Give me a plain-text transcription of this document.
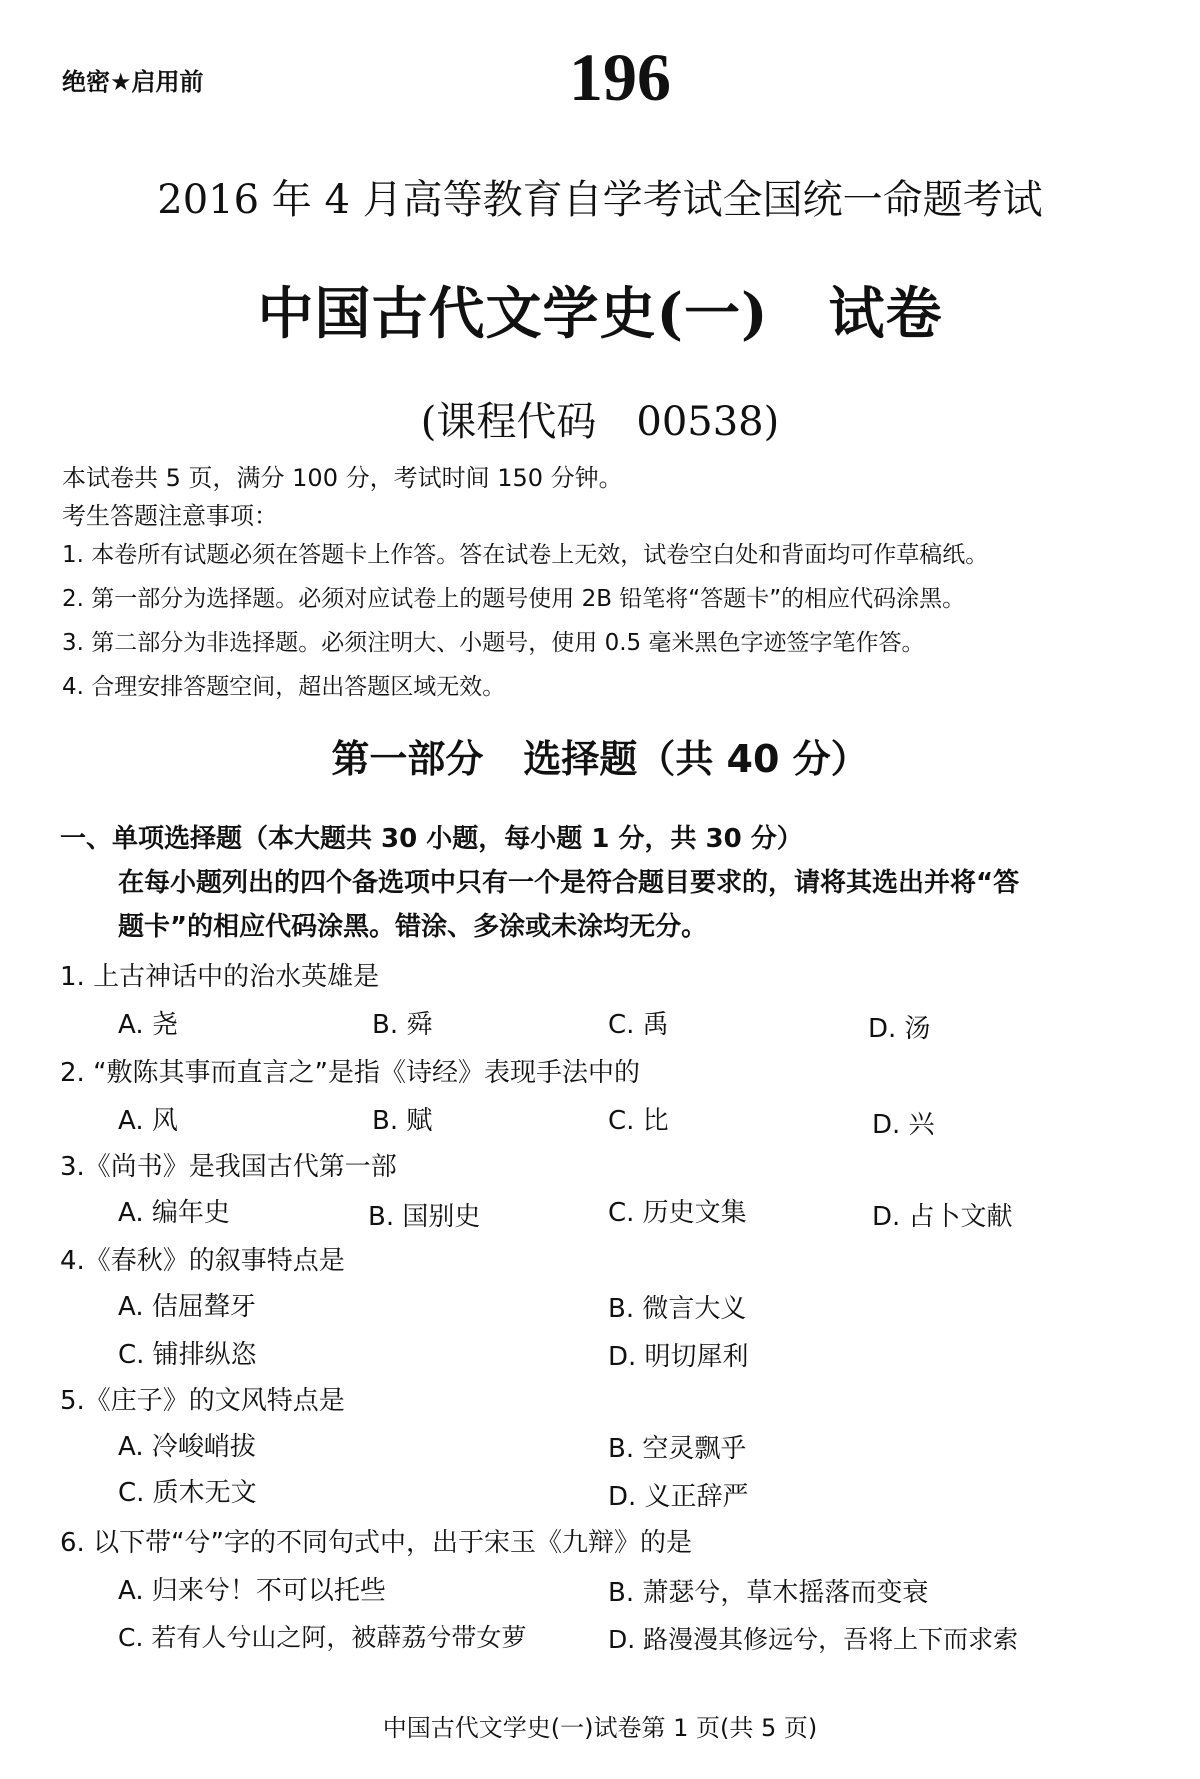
绝密★启用前	196
2016 年 4 月高等教育自学考试全国统一命题考试
中国古代文学史(一) 试卷
(课程代码 00538)
本试卷共 5 页，满分 100 分，考试时间 150 分钟。
考生答题注意事项：
1. 本卷所有试题必须在答题卡上作答。答在试卷上无效，试卷空白处和背面均可作草稿纸。
2. 第一部分为选择题。必须对应试卷上的题号使用 2B 铅笔将“答题卡”的相应代码涂黑。
3. 第二部分为非选择题。必须注明大、小题号，使用 0.5 毫米黑色字迹签字笔作答。
4. 合理安排答题空间，超出答题区域无效。
第一部分 选择题（共 40 分）
一、单项选择题（本大题共 30 小题，每小题 1 分，共 30 分）
在每小题列出的四个备选项中只有一个是符合题目要求的，请将其选出并将“答
题卡”的相应代码涂黑。错涂、多涂或未涂均无分。
1. 上古神话中的治水英雄是
A. 尧	B. 舜	C. 禹	D. 汤
2. “敷陈其事而直言之”是指《诗经》表现手法中的
A. 风	B. 赋	C. 比	D. 兴
3.《尚书》是我国古代第一部
A. 编年史	B. 国别史	C. 历史文集	D. 占卜文献
4.《春秋》的叙事特点是
A. 佶屈聱牙	B. 微言大义
C. 铺排纵恣	D. 明切犀利
5.《庄子》的文风特点是
A. 冷峻峭拔	B. 空灵飘乎
C. 质木无文	D. 义正辞严
6. 以下带“兮”字的不同句式中，出于宋玉《九辩》的是
A. 归来兮！不可以托些	B. 萧瑟兮，草木摇落而变衰
C. 若有人兮山之阿，被薜荔兮带女萝	D. 路漫漫其修远兮，吾将上下而求索
中国古代文学史(一)试卷第 1 页(共 5 页)
